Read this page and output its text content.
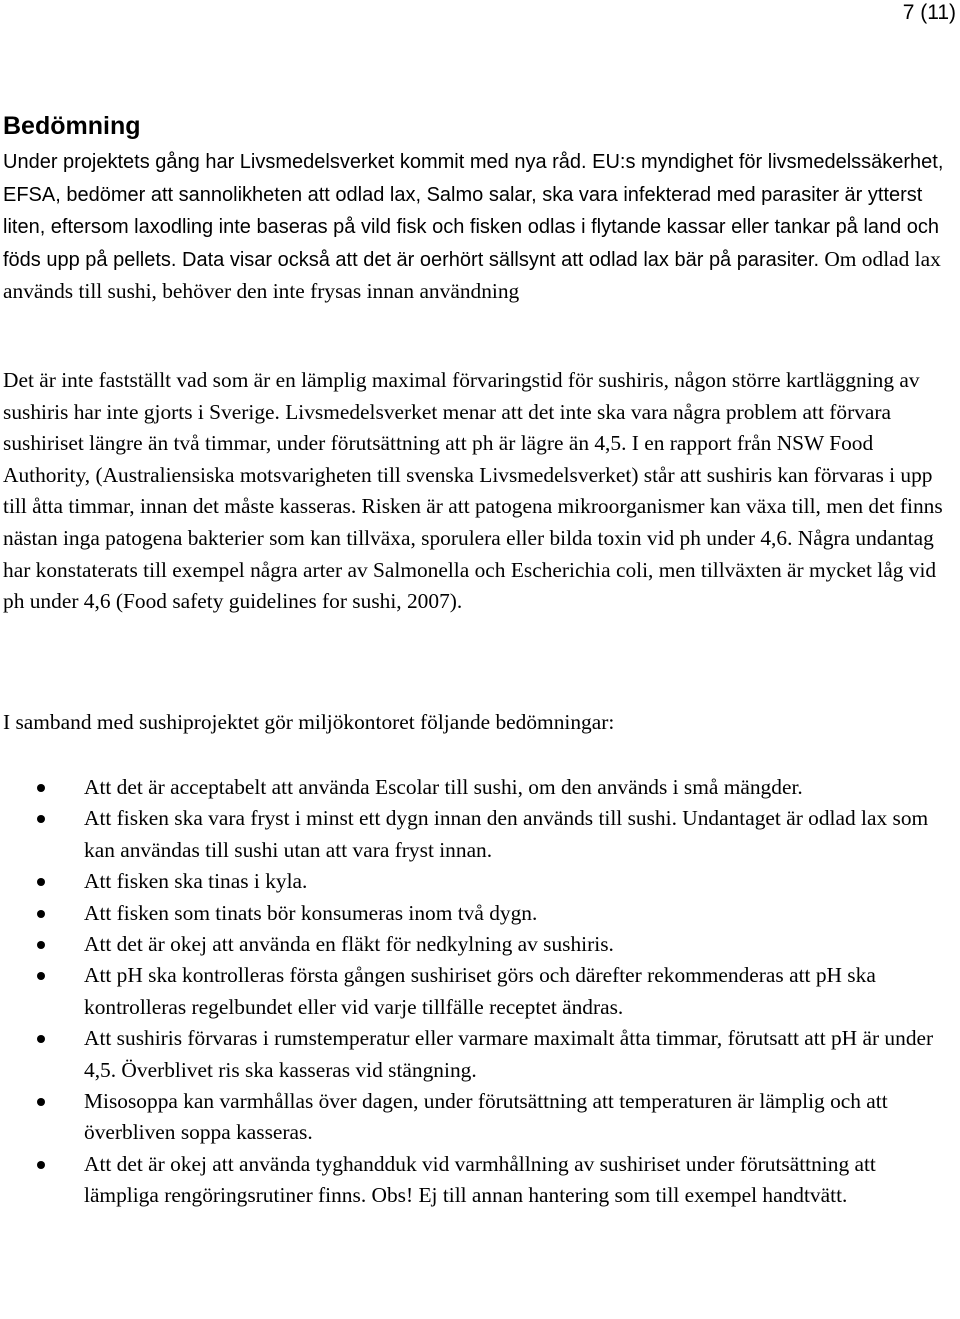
7 (11)
Bedömning

Under projektets gång har Livsmedelsverket kommit med nya råd. EU:s myndighet för livsmedelssäkerhet, EFSA, bedömer att sannolikheten att odlad lax, Salmo salar, ska vara infekterad med parasiter är ytterst liten, eftersom laxodling inte baseras på vild fisk och fisken odlas i flytande kassar eller tankar på land och föds upp på pellets. Data visar också att det är oerhört sällsynt att odlad lax bär på parasiter. Om odlad lax används till sushi, behöver den inte frysas innan användning

Det är inte fastställt vad som är en lämplig maximal förvaringstid för sushiris, någon större kartläggning av sushiris har inte gjorts i Sverige. Livsmedelsverket menar att det inte ska vara några problem att förvara sushiriset längre än två timmar, under förutsättning att ph är lägre än 4,5. I en rapport från NSW Food Authority, (Australiensiska motsvarigheten till svenska Livsmedelsverket) står att sushiris kan förvaras i upp till åtta timmar, innan det måste kasseras. Risken är att patogena mikroorganismer kan växa till, men det finns nästan inga patogena bakterier som kan tillväxa, sporulera eller bilda toxin vid ph under 4,6. Några undantag har konstaterats till exempel några arter av Salmonella och Escherichia coli, men tillväxten är mycket låg vid ph under 4,6 (Food safety guidelines for sushi, 2007).

I samband med sushiprojektet gör miljökontoret följande bedömningar:

Att det är acceptabelt att använda Escolar till sushi, om den används i små mängder.
Att fisken ska vara fryst i minst ett dygn innan den används till sushi. Undantaget är odlad lax som kan användas till sushi utan att vara fryst innan.
Att fisken ska tinas i kyla.
Att fisken som tinats bör konsumeras inom två dygn.
Att det är okej att använda en fläkt för nedkylning av sushiris.
Att pH ska kontrolleras första gången sushiriset görs och därefter rekommenderas att pH ska kontrolleras regelbundet eller vid varje tillfälle receptet ändras.
Att sushiris förvaras i rumstemperatur eller varmare maximalt åtta timmar, förutsatt att pH är under 4,5. Överblivet ris ska kasseras vid stängning.
Misosoppa kan varmhållas över dagen, under förutsättning att temperaturen är lämplig och att överbliven soppa kasseras.
Att det är okej att använda tyghandduk vid varmhållning av sushiriset under förutsättning att lämpliga rengöringsrutiner finns. Obs! Ej till annan hantering som till exempel handtvätt.
